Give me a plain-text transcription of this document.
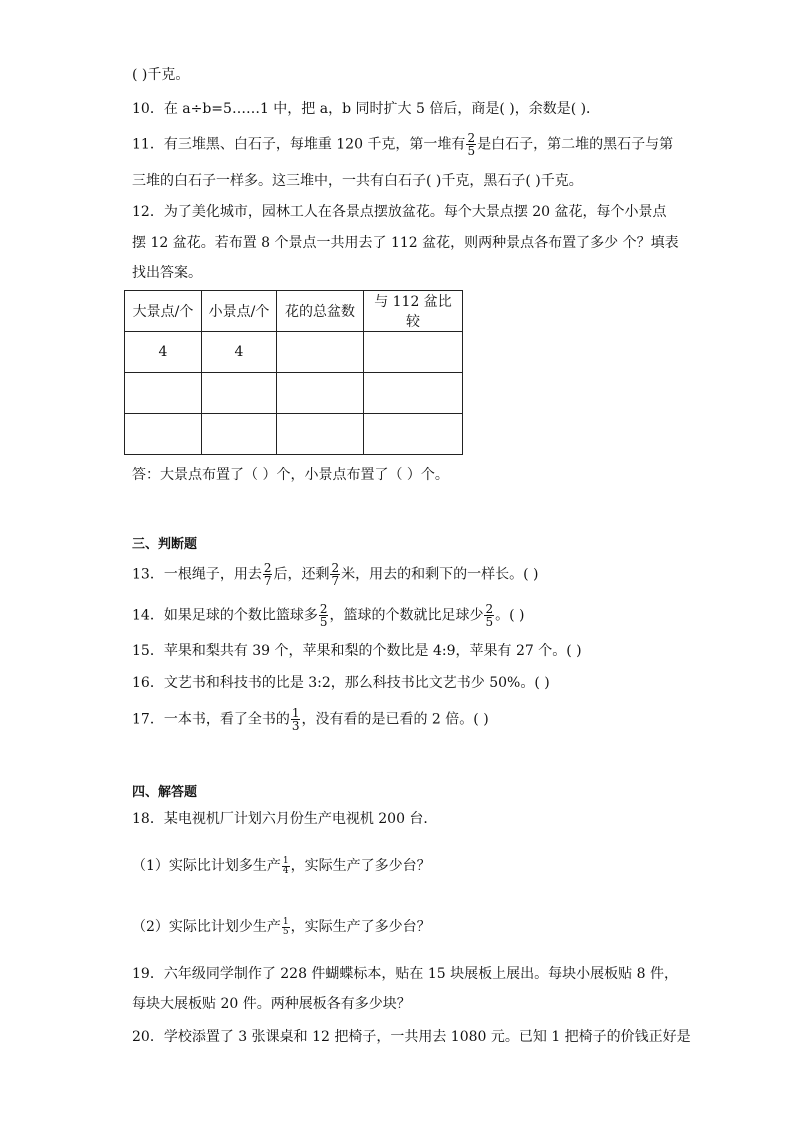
( )千克。
10．在 a÷b=5……1 中，把 a，b 同时扩大 5 倍后，商是( )，余数是( )．
11．有三堆黑、白石子，每堆重 120 千克，第一堆有 $\frac{2}{5}$ 是白石子，第二堆的黑石子与第
三堆的白石子一样多。这三堆中，一共有白石子( )千克，黑石子( )千克。
12．为了美化城市，园林工人在各景点摆放盆花。每个大景点摆 20 盆花，每个小景点
摆 12 盆花。若布置 8 个景点一共用去了 112 盆花，则两种景点各布置了多少 个？填表
找出答案。
大景点/个	小景点/个	花的总盆数	与 112 盆比较
4	4		

答：大景点布置了（ ）个，小景点布置了（ ）个。
三、判断题
13．一根绳子，用去 $\frac{2}{7}$ 后，还剩 $\frac{2}{7}$ 米，用去的和剩下的一样长。( )
14．如果足球的个数比篮球多 $\frac{2}{5}$ ，篮球的个数就比足球少 $\frac{2}{5}$ 。( )
15．苹果和梨共有 39 个，苹果和梨的个数比是 4:9，苹果有 27 个。( )
16．文艺书和科技书的比是 3:2，那么科技书比文艺书少 50%。( )
17．一本书，看了全书的 $\frac{1}{3}$ ，没有看的是已看的 2 倍。( )
四、解答题
18．某电视机厂计划六月份生产电视机 200 台．
（1）实际比计划多生产 $\frac{1}{4}$ ，实际生产了多少台？
（2）实际比计划少生产 $\frac{1}{5}$ ，实际生产了多少台？
19．六年级同学制作了 228 件蝴蝶标本，贴在 15 块展板上展出。每块小展板贴 8 件，
每块大展板贴 20 件。两种展板各有多少块？
20．学校添置了 3 张课桌和 12 把椅子，一共用去 1080 元。已知 1 把椅子的价钱正好是
